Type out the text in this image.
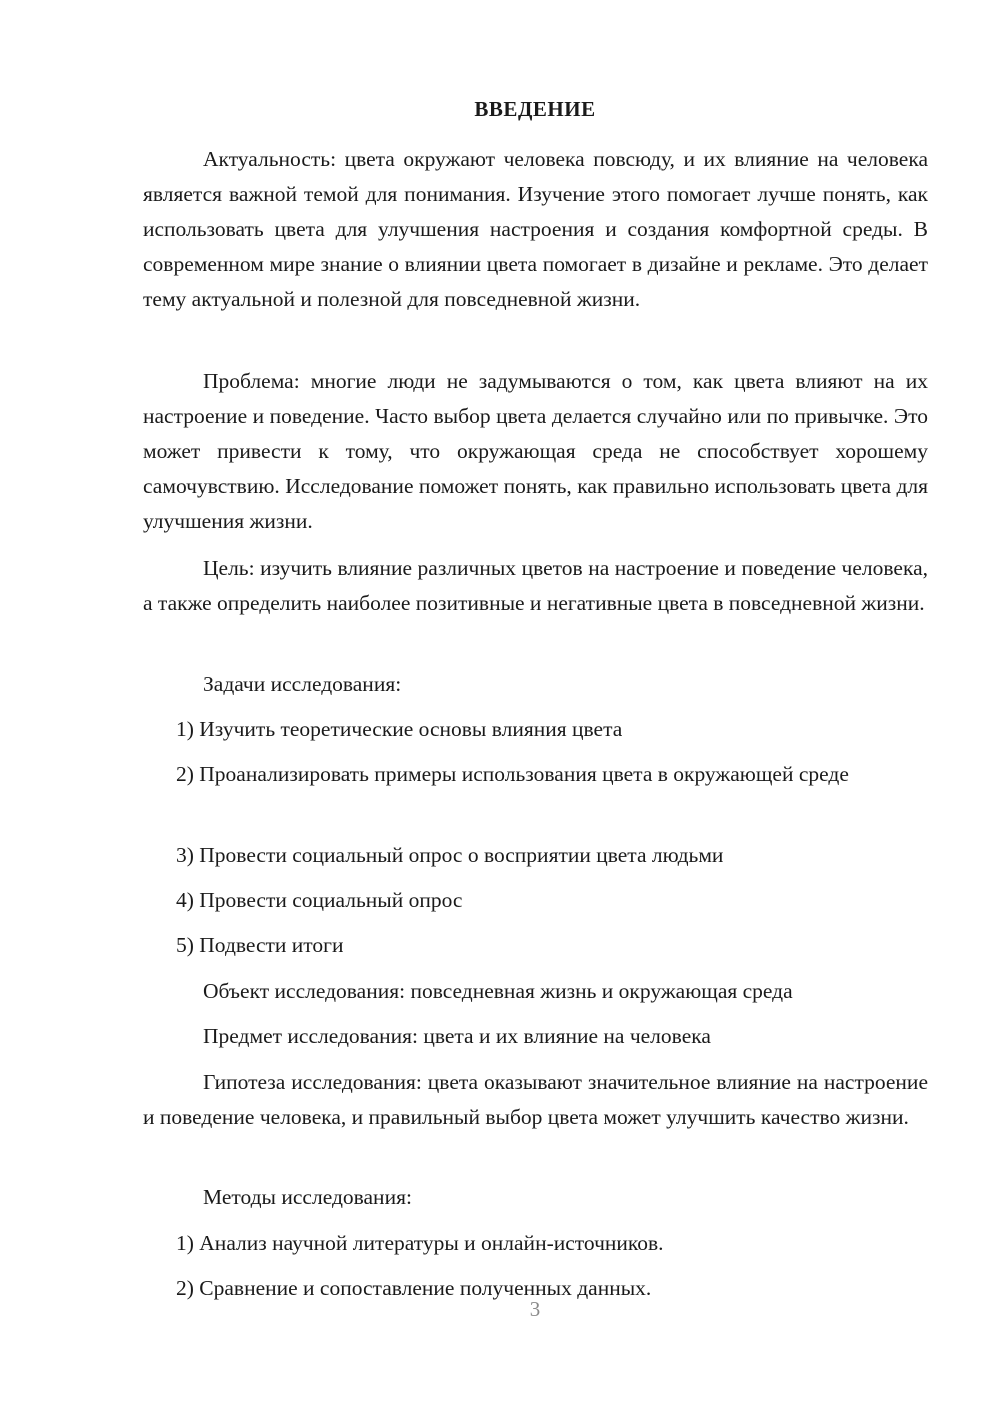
ВВЕДЕНИЕ

Актуальность: цвета окружают человека повсюду, и их влияние на человека является важной темой для понимания. Изучение этого помогает лучше понять, как использовать цвета для улучшения настроения и создания комфортной среды. В современном мире знание о влиянии цвета помогает в дизайне и рекламе. Это делает тему актуальной и полезной для повседневной жизни.

Проблема: многие люди не задумываются о том, как цвета влияют на их настроение и поведение. Часто выбор цвета делается случайно или по привычке. Это может привести к тому, что окружающая среда не способствует хорошему самочувствию. Исследование поможет понять, как правильно использовать цвета для улучшения жизни.

Цель: изучить влияние различных цветов на настроение и поведение человека, а также определить наиболее позитивные и негативные цвета в повседневной жизни.

Задачи исследования:

1) Изучить теоретические основы влияния цвета

2) Проанализировать примеры использования цвета в окружающей среде

3) Провести социальный опрос о восприятии цвета людьми

4) Провести социальный опрос

5) Подвести итоги

Объект исследования: повседневная жизнь и окружающая среда

Предмет исследования: цвета и их влияние на человека

Гипотеза исследования: цвета оказывают значительное влияние на настроение и поведение человека, и правильный выбор цвета может улучшить качество жизни.

Методы исследования:

1) Анализ научной литературы и онлайн-источников.

2) Сравнение и сопоставление полученных данных.

3
